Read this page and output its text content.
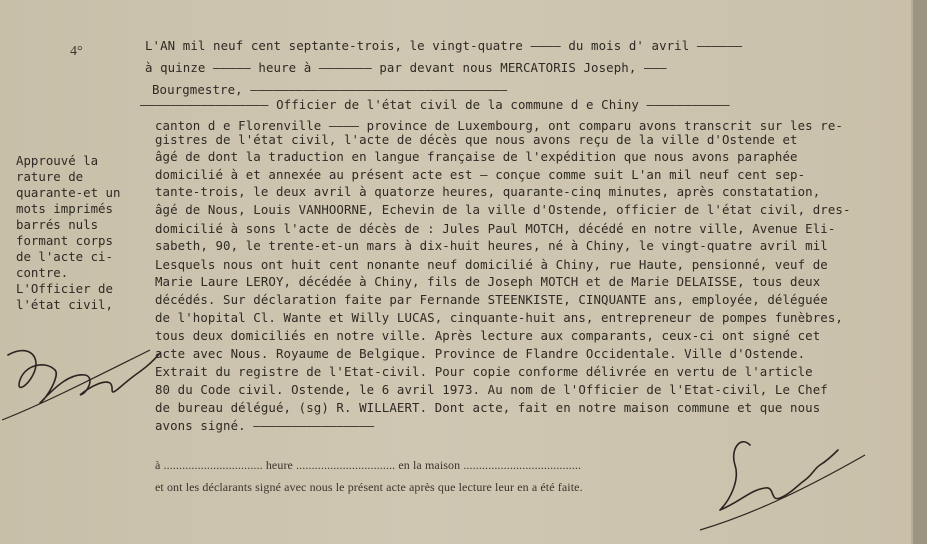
4°	L'AN mil neuf cent septante-trois, le vingt-quatre ———— du mois d' avril ——————
à quinze ————— heure à ——————— par devant nous MERCATORIS Joseph, ———
Bourgmestre, ——————————————————————————————————
————————————————— Officier de l'état civil de la commune d e Chiny ———————————
canton d e Florenville ———— province de Luxembourg, ont comparu avons transcrit sur les re-
gistres de l'état civil, l'acte de décès que nous avons reçu de la ville d'Ostende et
âgé de dont la traduction en langue française de l'expédition que nous avons paraphée
domicilié à et annexée au présent acte est — conçue comme suit L'an mil neuf cent sep-
tante-trois, le deux avril à quatorze heures, quarante-cinq minutes, après constatation,
âgé de Nous, Louis VANHOORNE, Echevin de la ville d'Ostende, officier de l'état civil, dres-
domicilié à sons l'acte de décès de : Jules Paul MOTCH, décédé en notre ville, Avenue Eli-
sabeth, 90, le trente-et-un mars à dix-huit heures, né à Chiny, le vingt-quatre avril mil
Lesquels nous ont huit cent nonante neuf domicilié à Chiny, rue Haute, pensionné, veuf de
Marie Laure LEROY, décédée à Chiny, fils de Joseph MOTCH et de Marie DELAISSE, tous deux
décédés. Sur déclaration faite par Fernande STEENKISTE, CINQUANTE ans, employée, déléguée
de l'hopital Cl. Wante et Willy LUCAS, cinquante-huit ans, entrepreneur de pompes funèbres,
tous deux domiciliés en notre ville. Après lecture aux comparants, ceux-ci ont signé cet
acte avec Nous. Royaume de Belgique. Province de Flandre Occidentale. Ville d'Ostende.
Extrait du registre de l'Etat-civil. Pour copie conforme délivrée en vertu de l'article
80 du Code civil. Ostende, le 6 avril 1973. Au nom de l'Officier de l'Etat-civil, Le Chef
de bureau délégué, (sg) R. WILLAERT. Dont acte, fait en notre maison commune et que nous
avons signé. ————————————————
à ................................ heure ................................ en la maison ......................................
et ont les déclarants signé avec nous le présent acte après que lecture leur en a été faite.
Approuvé la
rature de
quarante-et un
mots imprimés
barrés nuls
formant corps
de l'acte ci-
contre.
L'Officier de
l'état civil,
